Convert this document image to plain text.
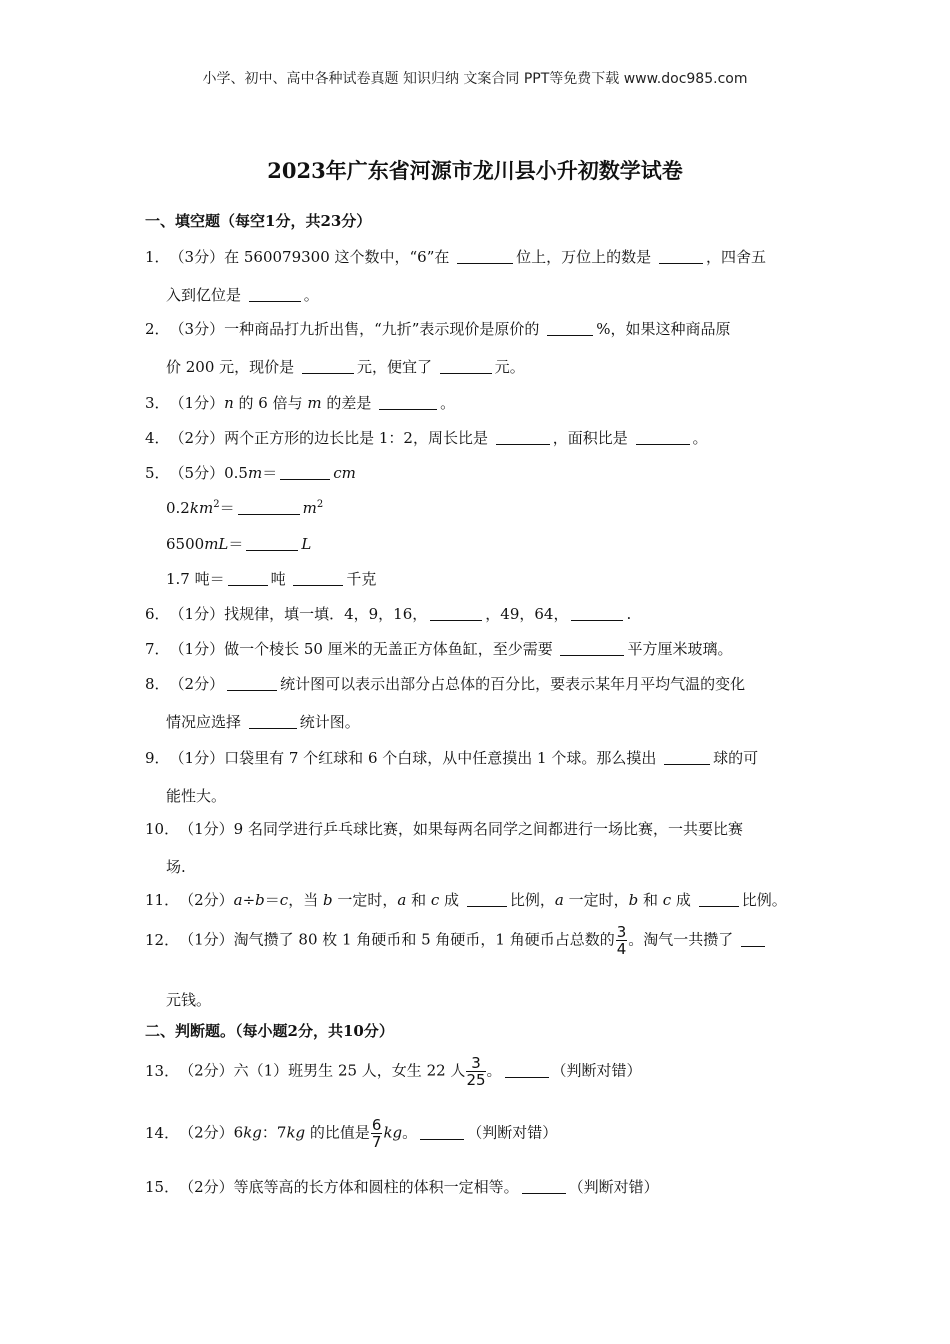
小学、初中、高中各种试卷真题 知识归纳 文案合同 PPT等免费下载 www.doc985.com
2023年广东省河源市龙川县小升初数学试卷
一、填空题（每空1分，共23分）
1．（3分）在 560079300 这个数中，“6”在	位上，万位上的数是	，四舍五
入到亿位是	。
2．（3分）一种商品打九折出售，“九折”表示现价是原价的	%，如果这种商品原
价 200 元，现价是	元，便宜了	元。
3．（1分）n 的 6 倍与 m 的差是	。
4．（2分）两个正方形的边长比是 1：2，周长比是	，面积比是	。
5．（5分）0.5m＝	cm
$0.2km^2=$	$m^2$
6500mL＝	L
1.7 吨＝	吨	千克
6．（1分）找规律，填一填．4，9，16，	，49，64，	.
7．（1分）做一个棱长 50 厘米的无盖正方体鱼缸，至少需要	平方厘米玻璃。
8．（2分）	统计图可以表示出部分占总体的百分比，要表示某年月平均气温的变化
情况应选择	统计图。
9．（1分）口袋里有 7 个红球和 6 个白球，从中任意摸出 1 个球。那么摸出	球的可
能性大。
10．（1分）9 名同学进行乒乓球比赛，如果每两名同学之间都进行一场比赛，一共要比赛
场.
11．（2分）a÷b＝c，当 b 一定时，a 和 c 成	比例，a 一定时，b 和 c 成	比例。
12．（1分）淘气攒了 80 枚 1 角硬币和 5 角硬币，1 角硬币占总数的 $\frac{3}{4}$ 。淘气一共攒了
元钱。
二、判断题。（每小题2分，共10分）
13．（2分）六（1）班男生 25 人，女生 22 人 $\frac{3}{25}$ 。	（判断对错）
14．（2分）6kg：7kg 的比值是 $\frac{6}{7}$ kg。	（判断对错）
15．（2分）等底等高的长方体和圆柱的体积一定相等。	（判断对错）
